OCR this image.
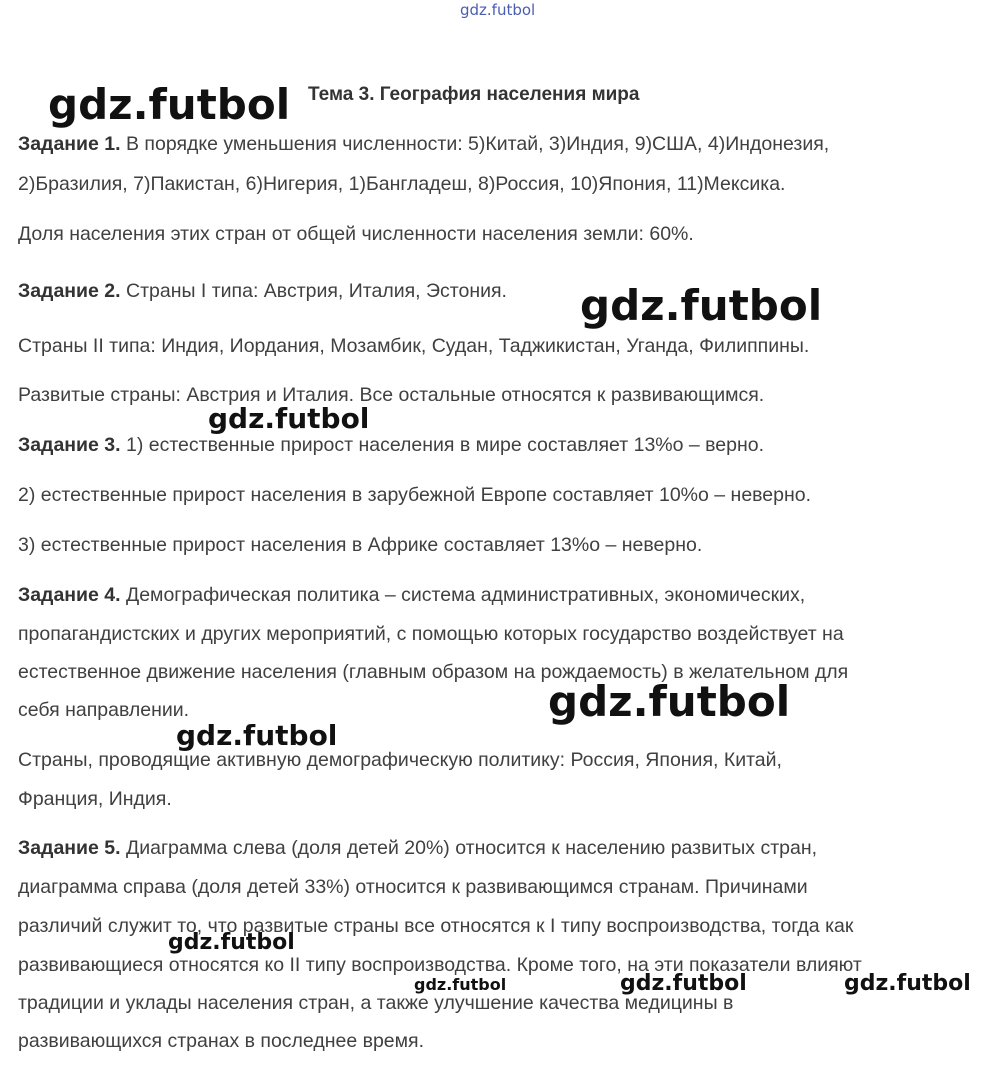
Тема 3. География населения мира
Задание 1. В порядке уменьшения численности: 5)Китай, 3)Индия, 9)США, 4)Индонезия,
2)Бразилия, 7)Пакистан, 6)Нигерия, 1)Бангладеш, 8)Россия, 10)Япония, 11)Мексика.
Доля населения этих стран от общей численности населения земли: 60%.
Задание 2. Страны I типа: Австрия, Италия, Эстония.
Страны II типа: Индия, Иордания, Мозамбик, Судан, Таджикистан, Уганда, Филиппины.
Развитые страны: Австрия и Италия. Все остальные относятся к развивающимся.
Задание 3. 1) естественные прирост населения в мире составляет 13%о – верно.
2) естественные прирост населения в зарубежной Европе составляет 10%о – неверно.
3) естественные прирост населения в Африке составляет 13%о – неверно.
Задание 4. Демографическая политика – система административных, экономических,
пропагандистских и других мероприятий, с помощью которых государство воздействует на
естественное движение населения (главным образом на рождаемость) в желательном для
себя направлении.
Страны, проводящие активную демографическую политику: Россия, Япония, Китай,
Франция, Индия.
Задание 5. Диаграмма слева (доля детей 20%) относится к населению развитых стран,
диаграмма справа (доля детей 33%) относится к развивающимся странам. Причинами
различий служит то, что развитые страны все относятся к I типу воспроизводства, тогда как
развивающиеся относятся ко II типу воспроизводства. Кроме того, на эти показатели влияют
традиции и уклады населения стран, а также улучшение качества медицины в
развивающихся странах в последнее время.
gdz.futbol
gdz.futbol
gdz.futbol
gdz.futbol
gdz.futbol
gdz.futbol
gdz.futbol
gdz.futbol	gdz.futbol	gdz.futbol
